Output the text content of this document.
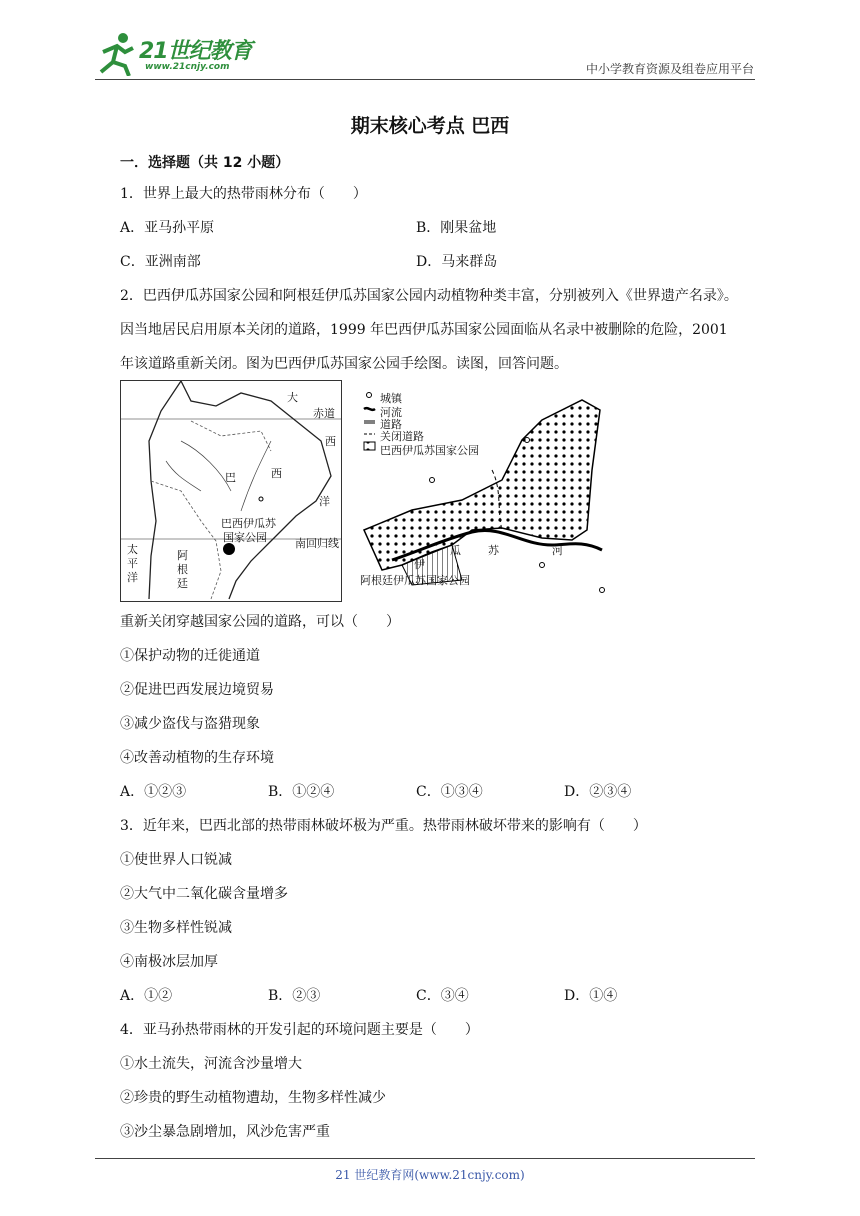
21世纪教育
www.21cnjy.com	中小学教育资源及组卷应用平台
期末核心考点 巴西
一．选择题（共 12 小题）
1．世界上最大的热带雨林分布（　　）
A．亚马孙平原	B．刚果盆地
C．亚洲南部	D．马来群岛
2．巴西伊瓜苏国家公园和阿根廷伊瓜苏国家公园内动植物种类丰富，分别被列入《世界遗产名录》。
因当地居民启用原本关闭的道路，1999 年巴西伊瓜苏国家公园面临从名录中被删除的危险，2001
年该道路重新关闭。图为巴西伊瓜苏国家公园手绘图。读图，回答问题。
大
赤道
西
巴	西
洋
巴西伊瓜苏
国家公园	南回归线
太
平
洋
阿
根
廷
城镇
河流
道路
关闭道路
巴西伊瓜苏国家公园
伊
瓜 苏	河
阿根廷伊瓜苏国家公园
重新关闭穿越国家公园的道路，可以（　　）
①保护动物的迁徙通道
②促进巴西发展边境贸易
③减少盗伐与盗猎现象
④改善动植物的生存环境
A．①②③	B．①②④	C．①③④	D．②③④
3．近年来，巴西北部的热带雨林破坏极为严重。热带雨林破坏带来的影响有（　　）
①使世界人口锐减
②大气中二氧化碳含量增多
③生物多样性锐减
④南极冰层加厚
A．①②	B．②③	C．③④	D．①④
4．亚马孙热带雨林的开发引起的环境问题主要是（　　）
①水土流失，河流含沙量增大
②珍贵的野生动植物遭劫，生物多样性减少
③沙尘暴急剧增加，风沙危害严重
21 世纪教育网(www.21cnjy.com)
